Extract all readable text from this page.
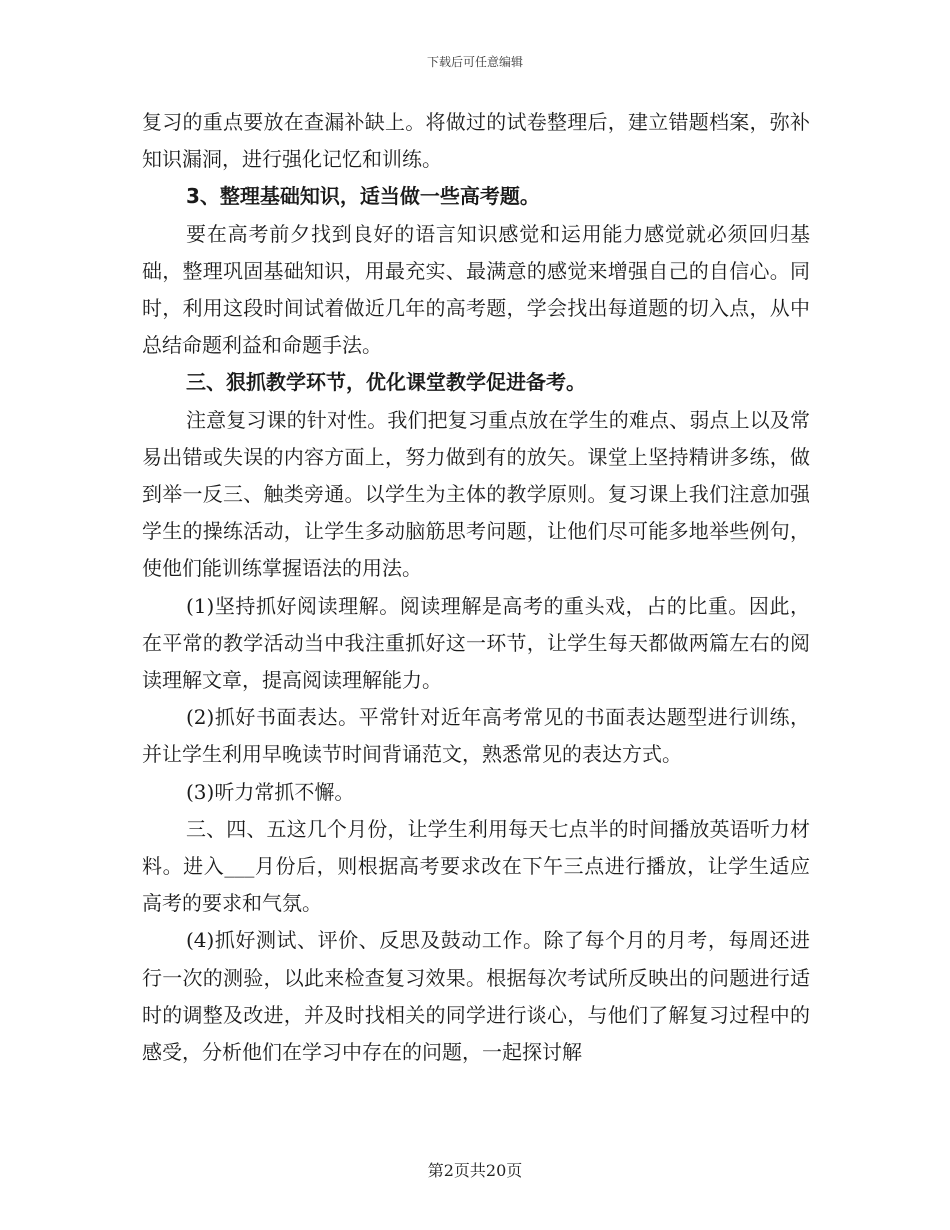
下载后可任意编辑

复习的重点要放在查漏补缺上。将做过的试卷整理后，建立错题档案，弥补知识漏洞，进行强化记忆和训练。

3、整理基础知识，适当做一些高考题。

要在高考前夕找到良好的语言知识感觉和运用能力感觉就必须回归基础，整理巩固基础知识，用最充实、最满意的感觉来增强自己的自信心。同时，利用这段时间试着做近几年的高考题，学会找出每道题的切入点，从中总结命题利益和命题手法。

三、狠抓教学环节，优化课堂教学促进备考。

注意复习课的针对性。我们把复习重点放在学生的难点、弱点上以及常易出错或失误的内容方面上，努力做到有的放矢。课堂上坚持精讲多练，做到举一反三、触类旁通。以学生为主体的教学原则。复习课上我们注意加强学生的操练活动，让学生多动脑筋思考问题，让他们尽可能多地举些例句，使他们能训练掌握语法的用法。

(1)坚持抓好阅读理解。阅读理解是高考的重头戏，占的比重。因此，在平常的教学活动当中我注重抓好这一环节，让学生每天都做两篇左右的阅读理解文章，提高阅读理解能力。

(2)抓好书面表达。平常针对近年高考常见的书面表达题型进行训练，并让学生利用早晚读节时间背诵范文，熟悉常见的表达方式。

(3)听力常抓不懈。

三、四、五这几个月份，让学生利用每天七点半的时间播放英语听力材料。进入___月份后，则根据高考要求改在下午三点进行播放，让学生适应高考的要求和气氛。

(4)抓好测试、评价、反思及鼓动工作。除了每个月的月考，每周还进行一次的测验，以此来检查复习效果。根据每次考试所反映出的问题进行适时的调整及改进，并及时找相关的同学进行谈心，与他们了解复习过程中的感受，分析他们在学习中存在的问题，一起探讨解

第2页共20页
